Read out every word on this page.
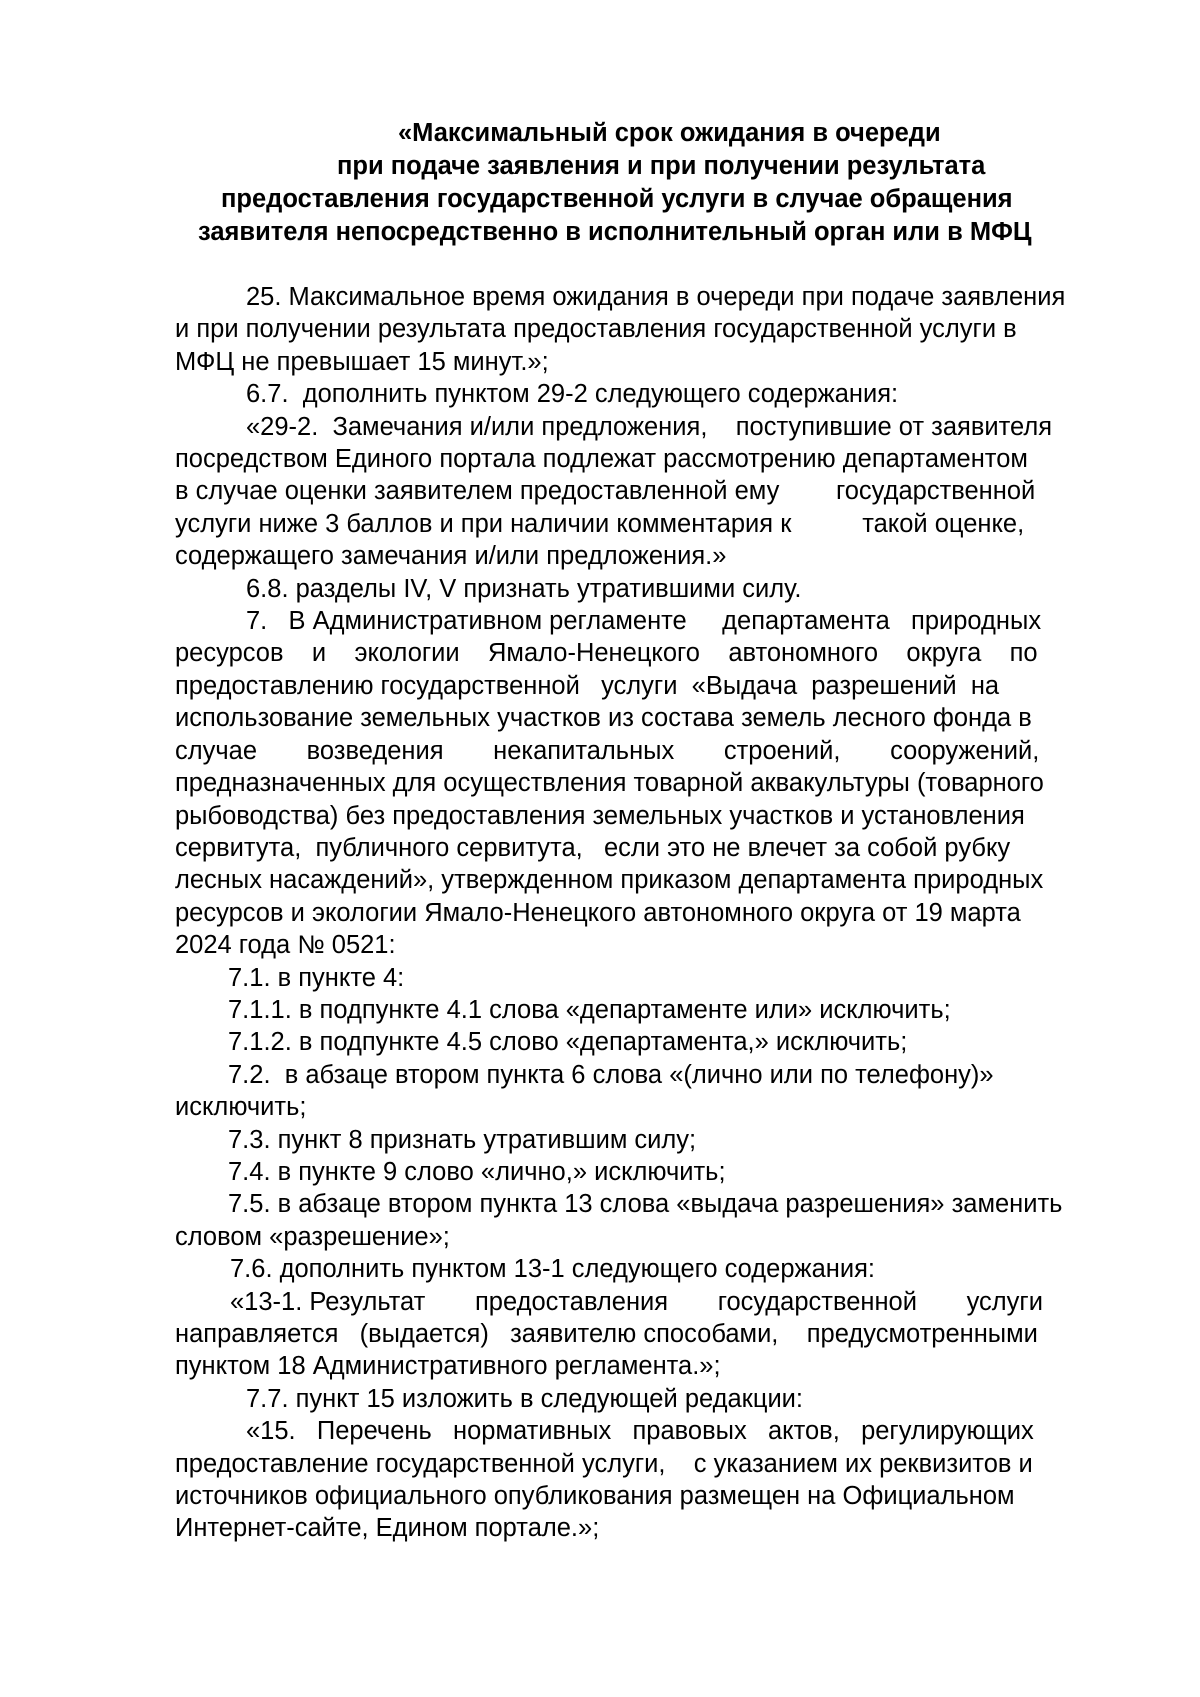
«Максимальный срок ожидания в очереди
при подаче заявления и при получении результата
предоставления государственной услуги в случае обращения
заявителя непосредственно в исполнительный орган или в МФЦ
25. Максимальное время ожидания в очереди при подаче заявления
и при получении результата предоставления государственной услуги в
МФЦ не превышает 15 минут.»;
6.7.  дополнить пунктом 29-2 следующего содержания:
«29-2.  Замечания и/или предложения,    поступившие от заявителя
посредством Единого портала подлежат рассмотрению департаментом
в случае оценки заявителем предоставленной ему        государственной
услуги ниже 3 баллов и при наличии комментария к          такой оценке,
содержащего замечания и/или предложения.»
6.8. разделы IV, V признать утратившими силу.
7.   В Административном регламенте     департамента   природных
ресурсов    и    экологии    Ямало-Ненецкого    автономного    округа    по
предоставлению государственной   услуги  «Выдача  разрешений  на
использование земельных участков из состава земель лесного фонда в
случае       возведения       некапитальных       строений,       сооружений,
предназначенных для осуществления товарной аквакультуры (товарного
рыбоводства) без предоставления земельных участков и установления
сервитута,  публичного сервитута,   если это не влечет за собой рубку
лесных насаждений», утвержденном приказом департамента природных
ресурсов и экологии Ямало-Ненецкого автономного округа от 19 марта
2024 года № 0521:
7.1. в пункте 4:
7.1.1. в подпункте 4.1 слова «департаменте или» исключить;
7.1.2. в подпункте 4.5 слово «департамента,» исключить;
7.2.  в абзаце втором пункта 6 слова «(лично или по телефону)»
исключить;
7.3. пункт 8 признать утратившим силу;
7.4. в пункте 9 слово «лично,» исключить;
7.5. в абзаце втором пункта 13 слова «выдача разрешения» заменить
словом «разрешение»;
7.6. дополнить пунктом 13-1 следующего содержания:
«13-1. Результат       предоставления       государственной       услуги
направляется   (выдается)   заявителю способами,    предусмотренными
пунктом 18 Административного регламента.»;
7.7. пункт 15 изложить в следующей редакции:
«15.   Перечень   нормативных   правовых   актов,   регулирующих
предоставление государственной услуги,    с указанием их реквизитов и
источников официального опубликования размещен на Официальном
Интернет-сайте, Едином портале.»;
